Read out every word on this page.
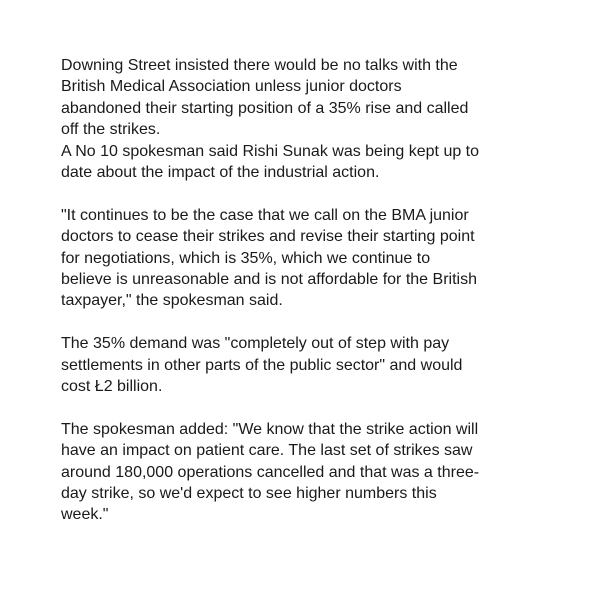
Downing Street insisted there would be no talks with the British Medical Association unless junior doctors abandoned their starting position of a 35% rise and called off the strikes.

A No 10 spokesman said Rishi Sunak was being kept up to date about the impact of the industrial action.

"It continues to be the case that we call on the BMA junior doctors to cease their strikes and revise their starting point for negotiations, which is 35%, which we continue to believe is unreasonable and is not affordable for the British taxpayer," the spokesman said.

The 35% demand was "completely out of step with pay settlements in other parts of the public sector" and would cost Ł2 billion.

The spokesman added: "We know that the strike action will have an impact on patient care. The last set of strikes saw around 180,000 operations cancelled and that was a three-day strike, so we'd expect to see higher numbers this week."
